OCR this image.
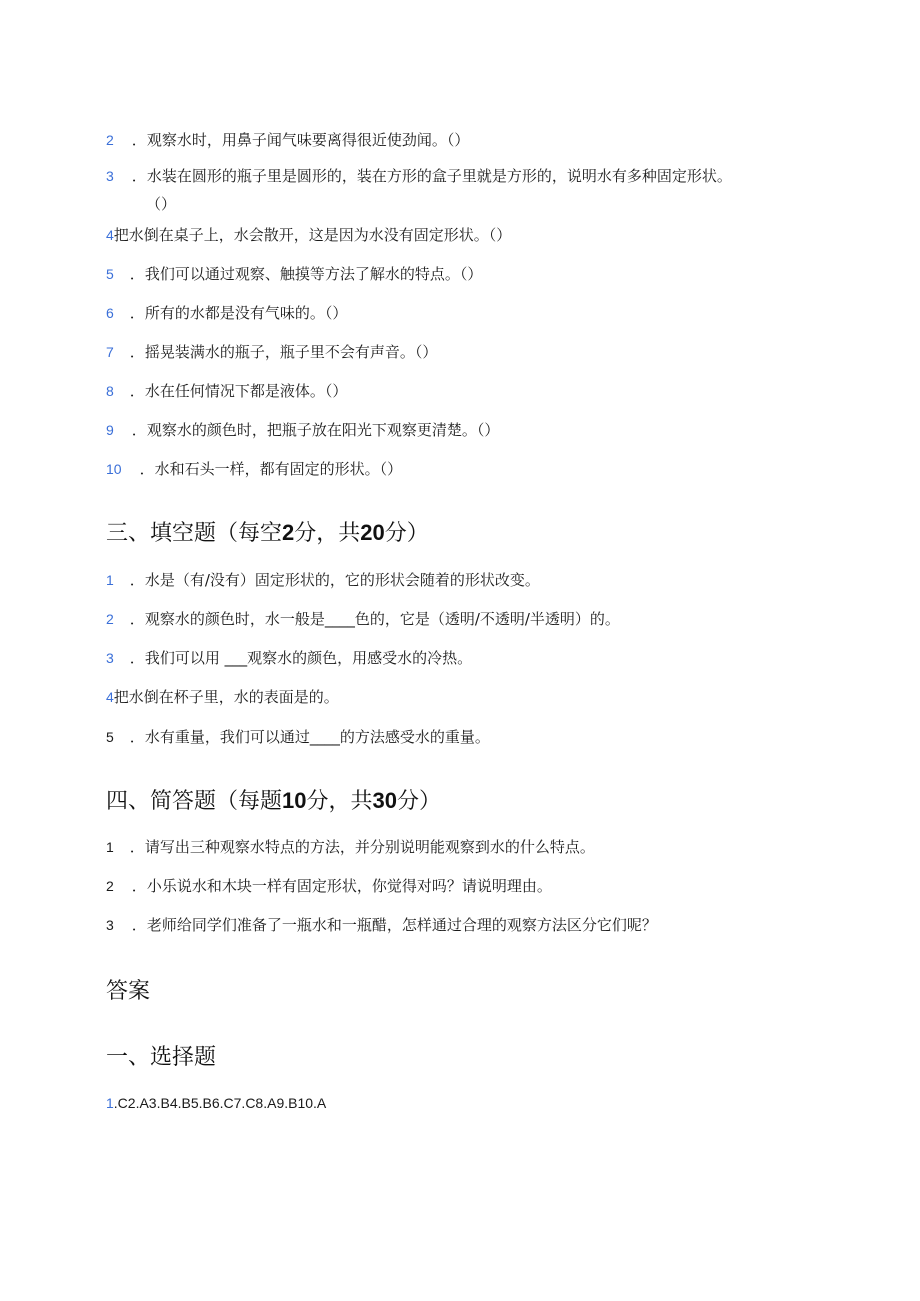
2 ．观察水时，用鼻子闻气味要离得很近使劲闻。（）
3 ．水装在圆形的瓶子里是圆形的，装在方形的盒子里就是方形的，说明水有多种固定形状。
（）
4把水倒在桌子上，水会散开，这是因为水没有固定形状。（）
5 ．我们可以通过观察、触摸等方法了解水的特点。（）
6 ．所有的水都是没有气味的。（）
7 ．摇晃装满水的瓶子，瓶子里不会有声音。（）
8 ．水在任何情况下都是液体。（）
9 ．观察水的颜色时，把瓶子放在阳光下观察更清楚。（）
10 ．水和石头一样，都有固定的形状。（）
三、填空题（每空2分，共20分）
1 ．水是（有/没有）固定形状的，它的形状会随着的形状改变。
2 ．观察水的颜色时，水一般是____色的，它是（透明/不透明/半透明）的。
3 ．我们可以用 ___观察水的颜色，用感受水的冷热。
4把水倒在杯子里，水的表面是的。
5 ．水有重量，我们可以通过____的方法感受水的重量。
四、简答题（每题10分，共30分）
1 ．请写出三种观察水特点的方法，并分别说明能观察到水的什么特点。
2 ．小乐说水和木块一样有固定形状，你觉得对吗？请说明理由。
3 ．老师给同学们准备了一瓶水和一瓶醋，怎样通过合理的观察方法区分它们呢？
答案
一、选择题
1.C2.A3.B4.B5.B6.C7.C8.A9.B10.A
